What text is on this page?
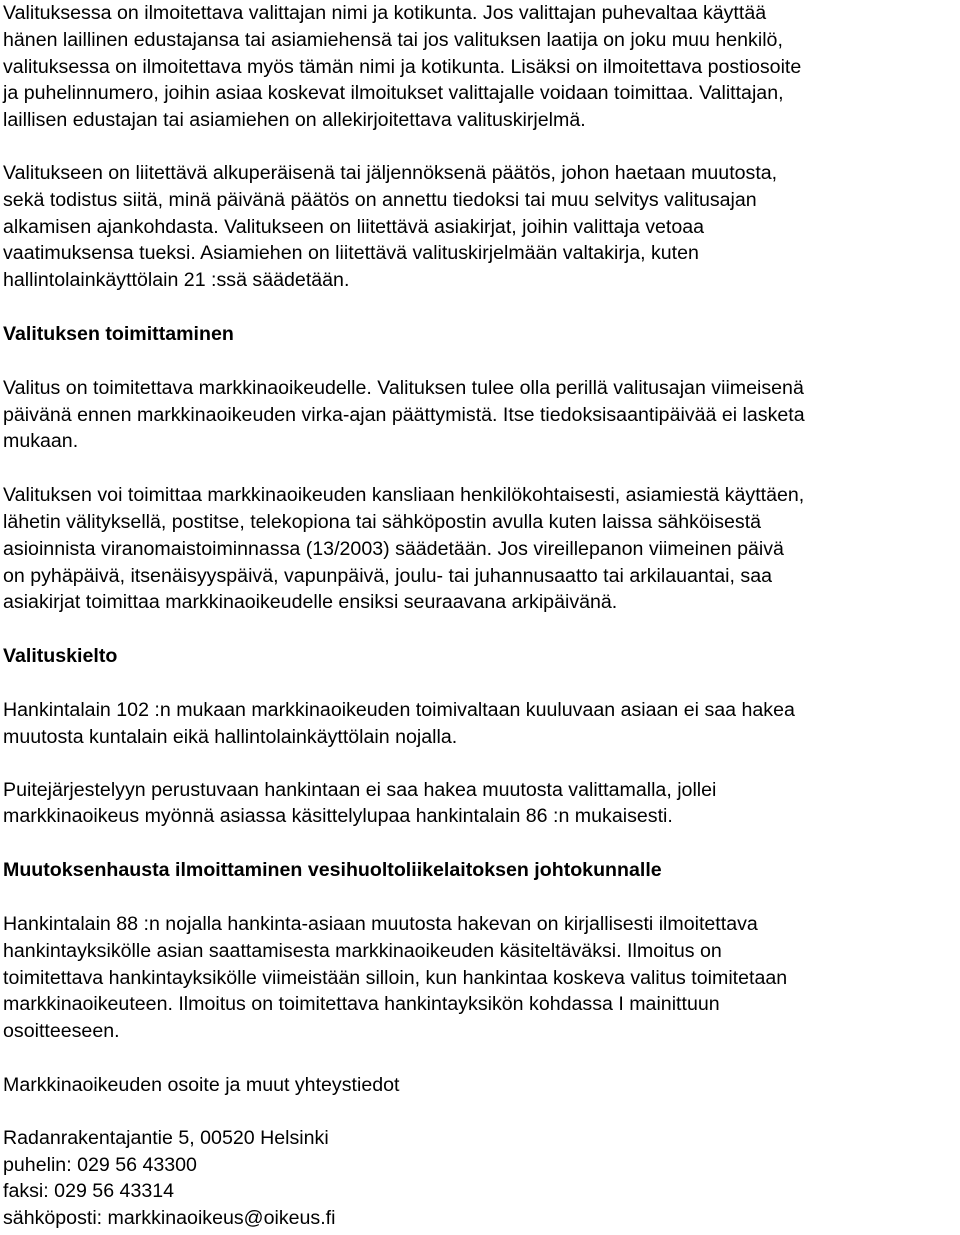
Valituksessa on ilmoitettava valittajan nimi ja kotikunta. Jos valittajan puhevaltaa käyttää
hänen laillinen edustajansa tai asiamiehensä tai jos valituksen laatija on joku muu henkilö,
valituksessa on ilmoitettava myös tämän nimi ja kotikunta. Lisäksi on ilmoitettava postiosoite
ja puhelinnumero, joihin asiaa koskevat ilmoitukset valittajalle voidaan toimittaa. Valittajan,
laillisen edustajan tai asiamiehen on allekirjoitettava valituskirjelmä.

Valitukseen on liitettävä alkuperäisenä tai jäljennöksenä päätös, johon haetaan muutosta,
sekä todistus siitä, minä päivänä päätös on annettu tiedoksi tai muu selvitys valitusajan
alkamisen ajankohdasta. Valitukseen on liitettävä asiakirjat, joihin valittaja vetoaa
vaatimuksensa tueksi. Asiamiehen on liitettävä valituskirjelmään valtakirja, kuten
hallintolainkäyttölain 21 :ssä säädetään.

Valituksen toimittaminen

Valitus on toimitettava markkinaoikeudelle. Valituksen tulee olla perillä valitusajan viimeisenä
päivänä ennen markkinaoikeuden virka-ajan päättymistä. Itse tiedoksisaantipäivää ei lasketa
mukaan.

Valituksen voi toimittaa markkinaoikeuden kansliaan henkilökohtaisesti, asiamiestä käyttäen,
lähetin välityksellä, postitse, telekopiona tai sähköpostin avulla kuten laissa sähköisestä
asioinnista viranomaistoiminnassa (13/2003) säädetään. Jos vireillepanon viimeinen päivä
on pyhäpäivä, itsenäisyyspäivä, vapunpäivä, joulu- tai juhannusaatto tai arkilauantai, saa
asiakirjat toimittaa markkinaoikeudelle ensiksi seuraavana arkipäivänä.

Valituskielto

Hankintalain 102 :n mukaan markkinaoikeuden toimivaltaan kuuluvaan asiaan ei saa hakea
muutosta kuntalain eikä hallintolainkäyttölain nojalla.

Puitejärjestelyyn perustuvaan hankintaan ei saa hakea muutosta valittamalla, jollei
markkinaoikeus myönnä asiassa käsittelylupaa hankintalain 86 :n mukaisesti.

Muutoksenhausta ilmoittaminen vesihuoltoliikelaitoksen johtokunnalle

Hankintalain 88 :n nojalla hankinta-asiaan muutosta hakevan on kirjallisesti ilmoitettava
hankintayksikölle asian saattamisesta markkinaoikeuden käsiteltäväksi. Ilmoitus on
toimitettava hankintayksikölle viimeistään silloin, kun hankintaa koskeva valitus toimitetaan
markkinaoikeuteen. Ilmoitus on toimitettava hankintayksikön kohdassa I mainittuun
osoitteeseen.

Markkinaoikeuden osoite ja muut yhteystiedot

Radanrakentajantie 5, 00520 Helsinki
puhelin: 029 56 43300
faksi: 029 56 43314
sähköposti: markkinaoikeus@oikeus.fi
